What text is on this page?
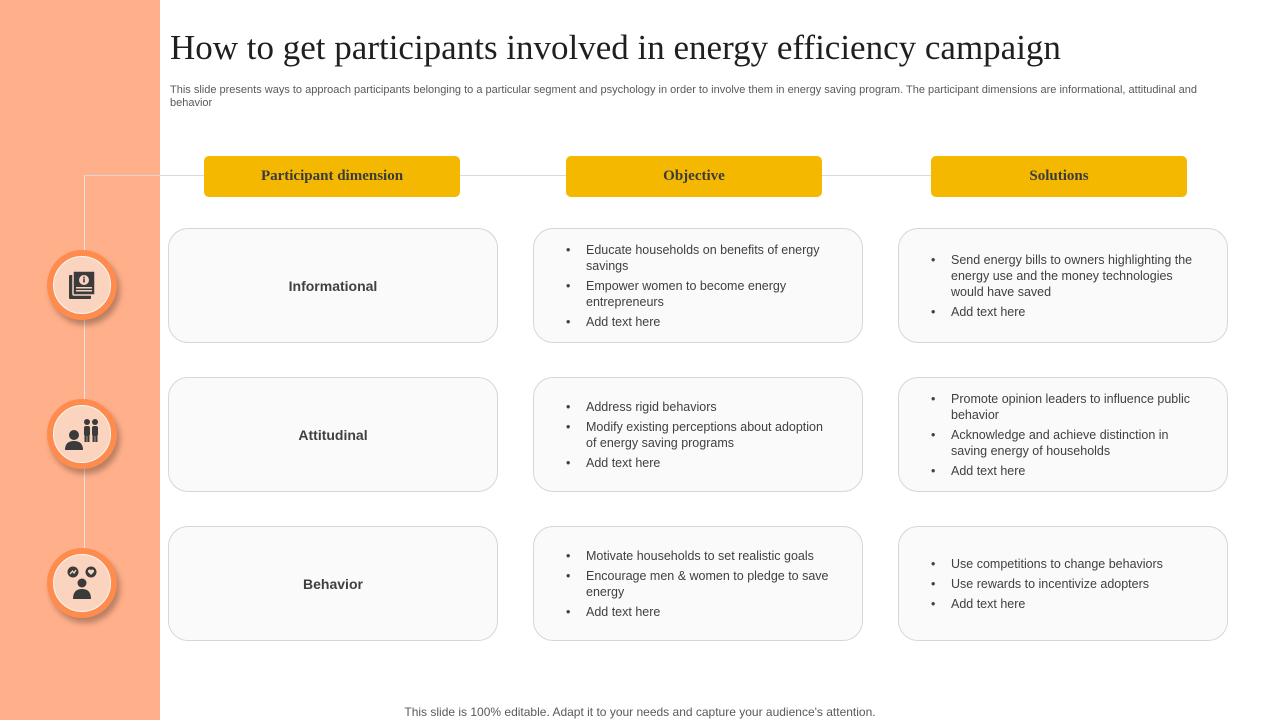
How to get participants involved in energy efficiency campaign
This slide presents ways to approach participants belonging to a particular segment and psychology in order to involve them in energy saving program. The participant dimensions are informational, attitudinal and behavior
Participant dimension	Objective	Solutions
Informational
• Educate households on benefits of energy savings
• Empower women to become energy entrepreneurs
• Add text here
• Send energy bills to owners highlighting the energy use and the money technologies would have saved
• Add text here
Attitudinal
• Address rigid behaviors
• Modify existing perceptions about adoption of energy saving programs
• Add text here
• Promote opinion leaders to influence public behavior
• Acknowledge and achieve distinction in saving energy of households
• Add text here
Behavior
• Motivate households to set realistic goals
• Encourage men & women to pledge to save energy
• Add text here
• Use competitions to change behaviors
• Use rewards to incentivize adopters
• Add text here
This slide is 100% editable. Adapt it to your needs and capture your audience's attention.
